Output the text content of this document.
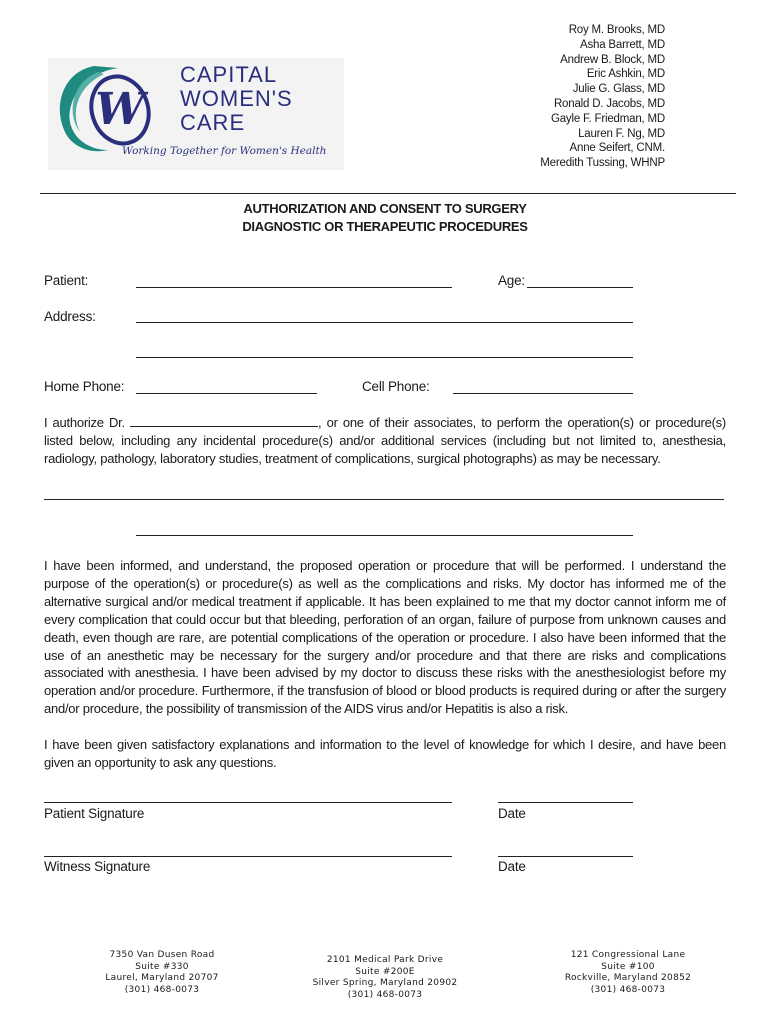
W
CAPITAL
WOMEN'S
CARE
Working Together for Women's Health
Roy M. Brooks, MD
Asha Barrett, MD
Andrew B. Block, MD
Eric Ashkin, MD
Julie G. Glass, MD
Ronald D. Jacobs, MD
Gayle F. Friedman, MD
Lauren F. Ng, MD
Anne Seifert, CNM.
Meredith Tussing, WHNP
AUTHORIZATION AND CONSENT TO SURGERY
DIAGNOSTIC OR THERAPEUTIC PROCEDURES
Patient:	Age:
Address:
Home Phone:	Cell Phone:
I authorize Dr.	, or one of their associates, to perform the operation(s) or procedure(s) listed below, including any incidental procedure(s) and/or additional services (including but not limited to, anesthesia, radiology, pathology, laboratory studies, treatment of complications, surgical photographs) as may be necessary.
I have been informed, and understand, the proposed operation or procedure that will be performed. I understand the purpose of the operation(s) or procedure(s) as well as the complications and risks. My doctor has informed me of the alternative surgical and/or medical treatment if applicable. It has been explained to me that my doctor cannot inform me of every complication that could occur but that bleeding, perforation of an organ, failure of purpose from unknown causes and death, even though are rare, are potential complications of the operation or procedure. I also have been informed that the use of an anesthetic may be necessary for the surgery and/or procedure and that there are risks and complications associated with anesthesia. I have been advised by my doctor to discuss these risks with the anesthesiologist before my operation and/or procedure. Furthermore, if the transfusion of blood or blood products is required during or after the surgery and/or procedure, the possibility of transmission of the AIDS virus and/or Hepatitis is also a risk.
I have been given satisfactory explanations and information to the level of knowledge for which I desire, and have been given an opportunity to ask any questions.
Patient Signature	Date
Witness Signature	Date
7350 Van Dusen Road
Suite #330
Laurel, Maryland 20707
(301) 468-0073
2101 Medical Park Drive
Suite #200E
Silver Spring, Maryland 20902
(301) 468-0073
121 Congressional Lane
Suite #100
Rockville, Maryland 20852
(301) 468-0073
